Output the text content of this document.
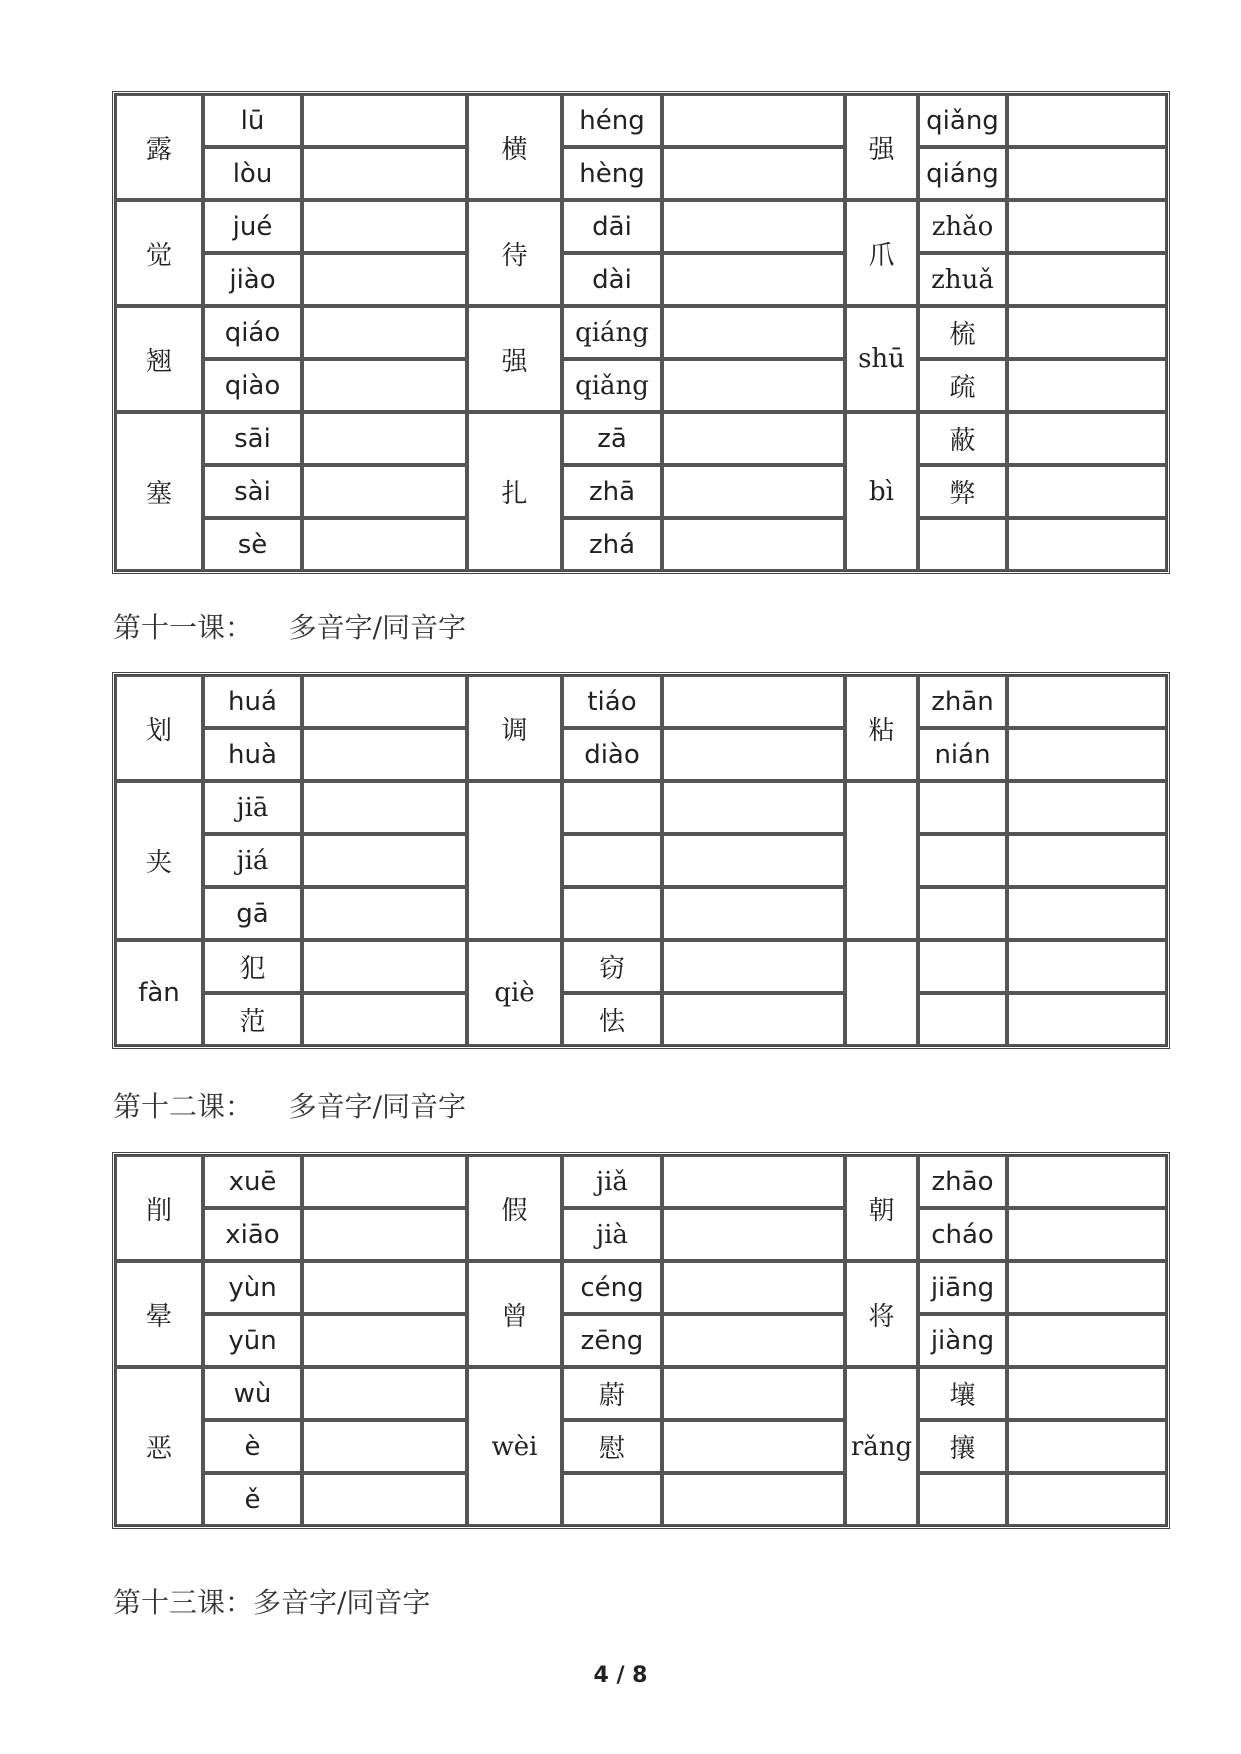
露	lū		横	héng		强	qiǎng	
	lòu			hèng			qiáng	
觉	jué		待	dāi		爪	zhǎo	
	jiào			dài			zhuǎ	
翘	qiáo		强	qiáng		shū	梳	
	qiào			qiǎng			疏	
塞	sāi		扎	zā		bì	蔽	
	sài			zhā			弊	
	sè			zhá				
第十一课：    多音字/同音字
划	huá		调	tiáo		粘	zhān	
	huà			diào			nián	
夹	jiā							
	jiá							
	gā							
fàn	犯		qiè	窃				
	范			怯				
第十二课：    多音字/同音字
削	xuē		假	jiǎ		朝	zhāo	
	xiāo			jià			cháo	
晕	yùn		曾	céng		将	jiāng	
	yūn			zēng			jiàng	
恶	wù		wèi	蔚		rǎng	壤	
	è			慰			攘	
	ě							
第十三课：多音字/同音字
4 / 8
